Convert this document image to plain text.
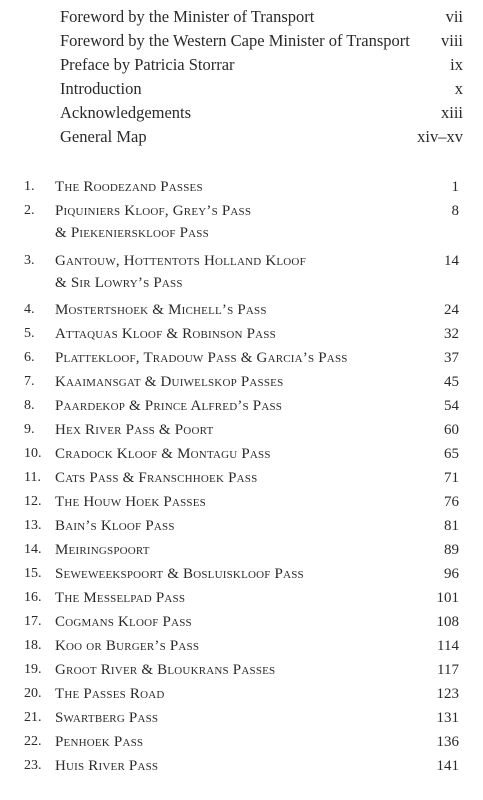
Foreword by the Minister of Transport	vii
Foreword by the Western Cape Minister of Transport viii
Preface by Patricia Storrar	ix
Introduction	x
Acknowledgements	xiii
General Map	xiv–xv
1.	The Roodezand Passes	1
2.	Piquiniers Kloof, Grey’s Pass
& Piekenierskloof Pass
8
3.	Gantouw, Hottentots Holland Kloof
& Sir Lowry’s Pass
14
4.	Mostertshoek & Michell’s Pass	24
5.	Attaquas Kloof & Robinson Pass	32
6.	Plattekloof, Tradouw Pass & Garcia’s Pass	37
7.	Kaaimansgat & Duiwelskop Passes	45
8.	Paardekop & Prince Alfred’s Pass	54
9.	Hex River Pass & Poort	60
10. Cradock Kloof & Montagu Pass	65
11. Cats Pass & Franschhoek Pass	71
12. The Houw Hoek Passes	76
13. Bain’s Kloof Pass	81
14. Meiringspoort	89
15. Seweweekspoort & Bosluiskloof Pass	96
16. The Messelpad Pass	101
17. Cogmans Kloof Pass	108
18. Koo or Burger’s Pass	114
19. Groot River & Bloukrans Passes	117
20. The Passes Road	123
21. Swartberg Pass	131
22. Penhoek Pass	136
23. Huis River Pass	141
